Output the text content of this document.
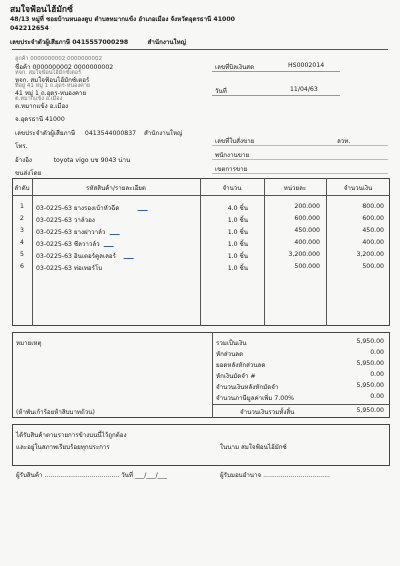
สมใจฟ้อนไฮ้มักซ์
48/13 หมู่ที่ ซอยบ้านหนองดูบ ตำบลหมากแข้ง อำเภอเมือง จังหวัดอุดรธานี 41000
042212654
เลขประจำตัวผู้เสียภาษี 0415557000298	สำนักงานใหญ่
ลูกค้า 0000000002 0000000002
ชื่อค้า 0000000002 0000000002
หจก. สมใจฟ้อนไฮ้มักซ์เตอร์
หจก. สมใจฟ้อนไฮ้มักซ์เตอร์
ที่อยู่ 41 หมู่ 1 ถ.อุดร-หนองคาย
41 หมู่ 1 ถ.อุดร-หนองคาย
ต.หมากแข้ง อ.เมือง
ต.หมากแข้ง อ.เมือง
จ.อุดรธานี 41000
เลขประจำตัวผู้เสียภาษี 0413544000837 สำนักงานใหญ่
โทร.
อ้างอิง	toyota vigo บช 9043 น่าน
ขนส่งโดย
เลขที่บิลเงินสด	HS0002014
วันที่	11/04/63
เลขที่ใบสั่งขาย	ลวท.
พนักงานขาย
เขตการขาย
ลำดับ	รหัสสินค้า/รายละเอียด	จำนวน	หน่วยละ	จำนวนเงิน
1	03-0225-63 ยางรองเบ้าหัวฉีด	4.0 ชิ้น	200.000	800.00
2	03-0225-63 วาล์วอง	1.0 ชิ้น	600.000	600.00
3	03-0225-63 ยางฝาวาล์ว	1.0 ชิ้น	450.000	450.00
4	03-0225-63 ซีลวาวล์ว	1.0 ชิ้น	400.000	400.00
5	03-0225-63 อินเตอร์คูลเลอร์	1.0 ชิ้น	3,200.000	3,200.00
6	03-0225-63 ท่อเทอร์โบ	1.0 ชิ้น	500.000	500.00
หมายเหตุ	รวมเป็นเงิน	5,950.00
หักส่วนลด	0.00
ยอดหลังหักส่วนลด	5,950.00
หักเงินมัดจำ #	0.00
จำนวนเงินหลังหักมัดจำ	5,950.00
จำนวนภาษีมูลค่าเพิ่ม 7.00%	0.00
(ห้าพันเก้าร้อยห้าสิบบาทถ้วน)	จำนวนเงินรวมทั้งสิ้น	5,950.00
ได้รับสินค้าตามรายการข้างบนนี้ไว้ถูกต้อง
และอยู่ในสภาพเรียบร้อยทุกประการ	ในนาม สมใจฟ้อนไฮ้มักซ์
ผู้รับสินค้า ...................................... วันที่ ___/___/___	ผู้รับมอบอำนาจ ..................................
